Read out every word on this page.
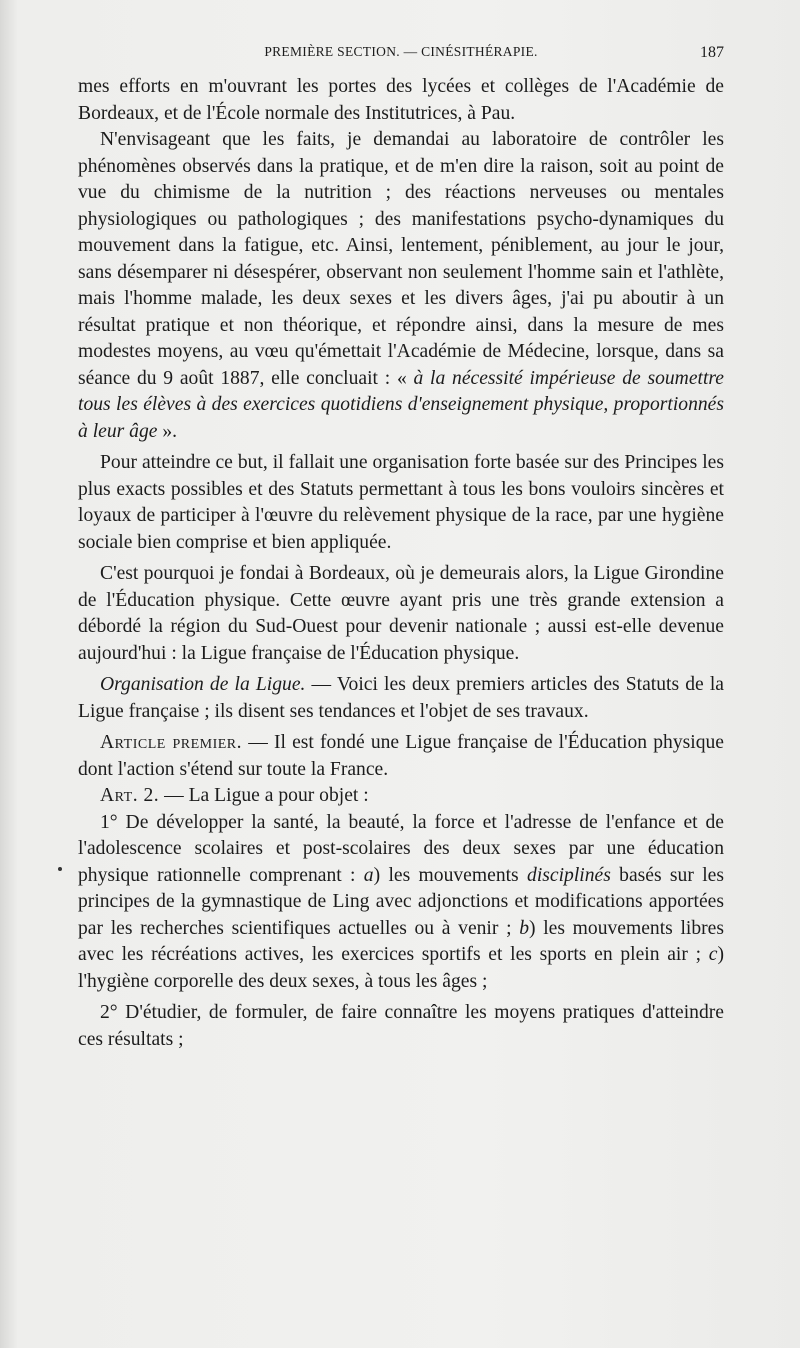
PREMIÈRE SECTION. — CINÉSITHÉRAPIE.	187

mes efforts en m'ouvrant les portes des lycées et collèges de l'Académie de Bordeaux, et de l'École normale des Institutrices, à Pau.

N'envisageant que les faits, je demandai au laboratoire de contrôler les phénomènes observés dans la pratique, et de m'en dire la raison, soit au point de vue du chimisme de la nutrition ; des réactions nerveuses ou mentales physiologiques ou pathologiques ; des manifestations psycho-dynamiques du mouvement dans la fatigue, etc. Ainsi, lentement, péniblement, au jour le jour, sans désemparer ni désespérer, observant non seulement l'homme sain et l'athlète, mais l'homme malade, les deux sexes et les divers âges, j'ai pu aboutir à un résultat pratique et non théorique, et répondre ainsi, dans la mesure de mes modestes moyens, au vœu qu'émettait l'Académie de Médecine, lorsque, dans sa séance du 9 août 1887, elle concluait : « à la nécessité impérieuse de soumettre tous les élèves à des exercices quotidiens d'enseignement physique, proportionnés à leur âge ».

Pour atteindre ce but, il fallait une organisation forte basée sur des Principes les plus exacts possibles et des Statuts permettant à tous les bons vouloirs sincères et loyaux de participer à l'œuvre du relèvement physique de la race, par une hygiène sociale bien comprise et bien appliquée.

C'est pourquoi je fondai à Bordeaux, où je demeurais alors, la Ligue Girondine de l'Éducation physique. Cette œuvre ayant pris une très grande extension a débordé la région du Sud-Ouest pour devenir nationale ; aussi est-elle devenue aujourd'hui : la Ligue française de l'Éducation physique.

Organisation de la Ligue. — Voici les deux premiers articles des Statuts de la Ligue française ; ils disent ses tendances et l'objet de ses travaux.

Article premier. — Il est fondé une Ligue française de l'Éducation physique dont l'action s'étend sur toute la France.

Art. 2. — La Ligue a pour objet :

1° De développer la santé, la beauté, la force et l'adresse de l'enfance et de l'adolescence scolaires et post-scolaires des deux sexes par une éducation physique rationnelle comprenant : a) les mouvements disciplinés basés sur les principes de la gymnastique de Ling avec adjonctions et modifications apportées par les recherches scientifiques actuelles ou à venir ; b) les mouvements libres avec les récréations actives, les exercices sportifs et les sports en plein air ; c) l'hygiène corporelle des deux sexes, à tous les âges ;

2° D'étudier, de formuler, de faire connaître les moyens pratiques d'atteindre ces résultats ;
